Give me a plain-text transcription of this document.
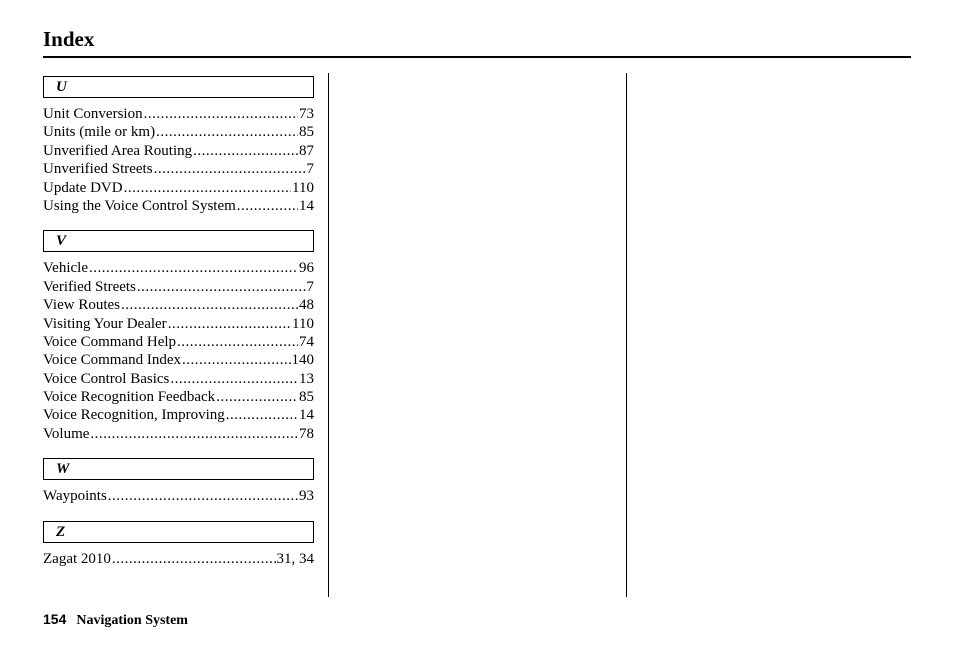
Index
U
Unit Conversion .....	73
Units (mile or km) .....	85
Unverified Area Routing .....	87
Unverified Streets .....	7
Update DVD .....	110
Using the Voice Control System .....	14
V
Vehicle .....	96
Verified Streets .....	7
View Routes .....	48
Visiting Your Dealer .....	110
Voice Command Help .....	74
Voice Command Index .....	140
Voice Control Basics .....	13
Voice Recognition Feedback .....	85
Voice Recognition, Improving .....	14
Volume .....	78
W
Waypoints .....	93
Z
Zagat 2010 .....	31, 34
154 Navigation System
